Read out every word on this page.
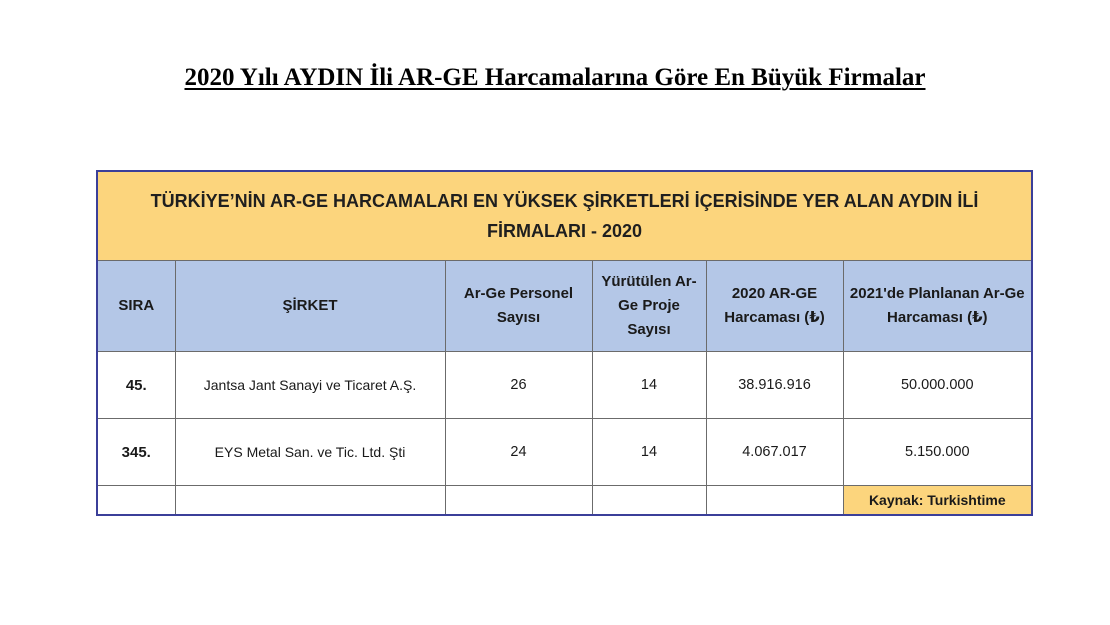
2020 Yılı AYDIN İli AR-GE Harcamalarına Göre En Büyük Firmalar
TÜRKİYE’NİN AR-GE HARCAMALARI EN YÜKSEK ŞİRKETLERİ İÇERİSİNDE YER ALAN AYDIN İLİ FİRMALARI - 2020					
SIRA	ŞİRKET	Ar-Ge Personel Sayısı	Yürütülen Ar-Ge Proje Sayısı	2020 AR-GE Harcaması (₺)	2021'de Planlanan Ar-Ge Harcaması (₺)
45.	Jantsa Jant Sanayi ve Ticaret A.Ş.	26	14	38.916.916	50.000.000
345.	EYS Metal San. ve Tic. Ltd. Şti	24	14	4.067.017	5.150.000
					Kaynak: Turkishtime
